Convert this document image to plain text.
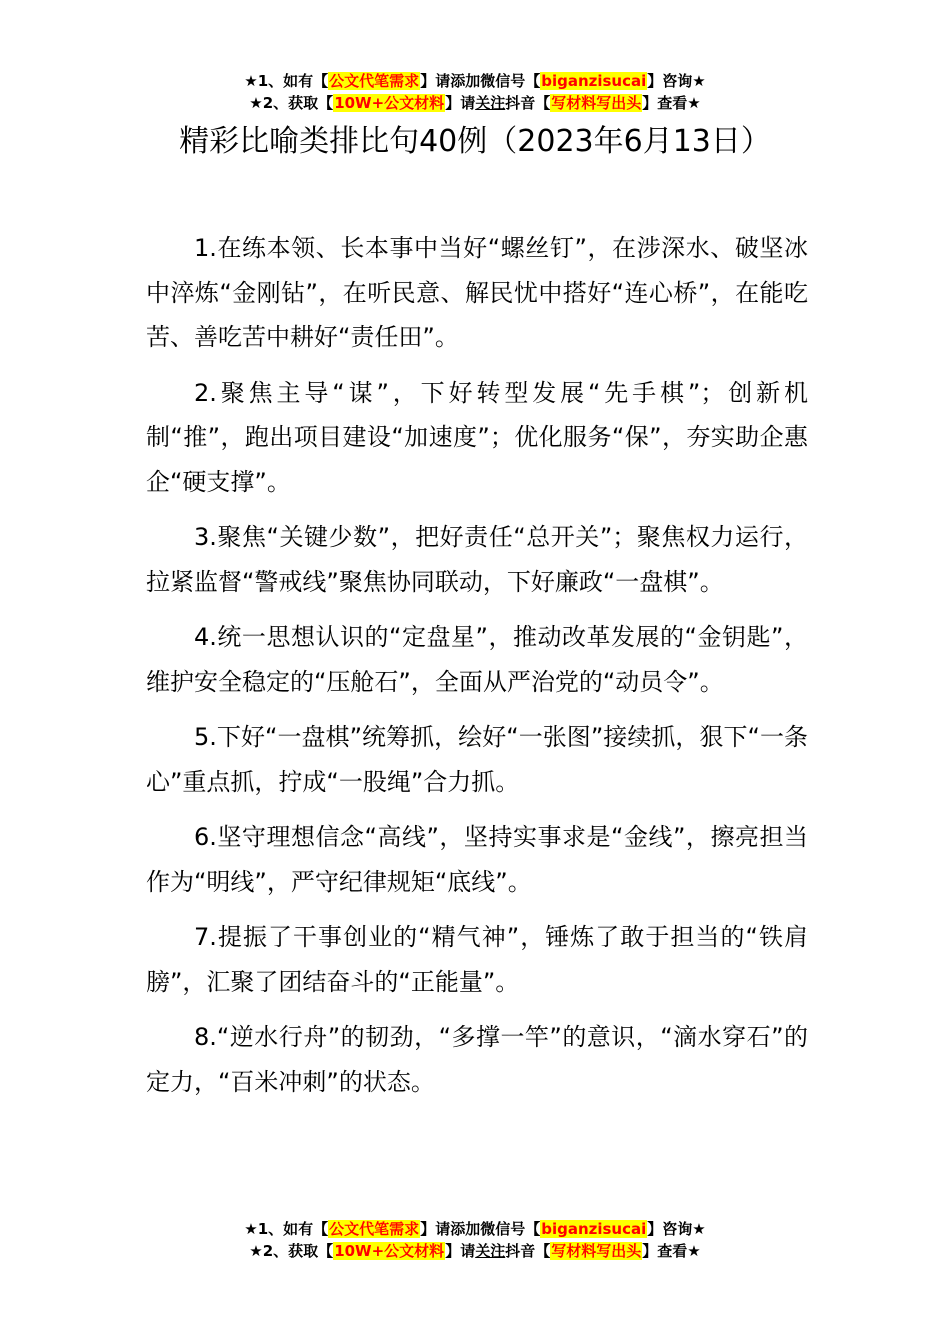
★1、如有【公文代笔需求】请添加微信号【biganzisucai】咨询★
★2、获取【10W+公文材料】请关注抖音【写材料写出头】查看★
精彩比喻类排比句40例（2023年6月13日）

1.在练本领、长本事中当好“螺丝钉”，在涉深水、破坚冰中淬炼“金刚钻”，在听民意、解民忧中搭好“连心桥”，在能吃苦、善吃苦中耕好“责任田”。

2.聚焦主导“谋”，下好转型发展“先手棋”；创新机制“推”，跑出项目建设“加速度”；优化服务“保”，夯实助企惠企“硬支撑”。

3.聚焦“关键少数”，把好责任“总开关”；聚焦权力运行，拉紧监督“警戒线”聚焦协同联动，下好廉政“一盘棋”。

4.统一思想认识的“定盘星”，推动改革发展的“金钥匙”，维护安全稳定的“压舱石”，全面从严治党的“动员令”。

5.下好“一盘棋”统筹抓，绘好“一张图”接续抓，狠下“一条心”重点抓，拧成“一股绳”合力抓。

6.坚守理想信念“高线”，坚持实事求是“金线”，擦亮担当作为“明线”，严守纪律规矩“底线”。

7.提振了干事创业的“精气神”，锤炼了敢于担当的“铁肩膀”，汇聚了团结奋斗的“正能量”。

8.“逆水行舟”的韧劲，“多撑一竿”的意识，“滴水穿石”的定力，“百米冲刺”的状态。

★1、如有【公文代笔需求】请添加微信号【biganzisucai】咨询★
★2、获取【10W+公文材料】请关注抖音【写材料写出头】查看★
